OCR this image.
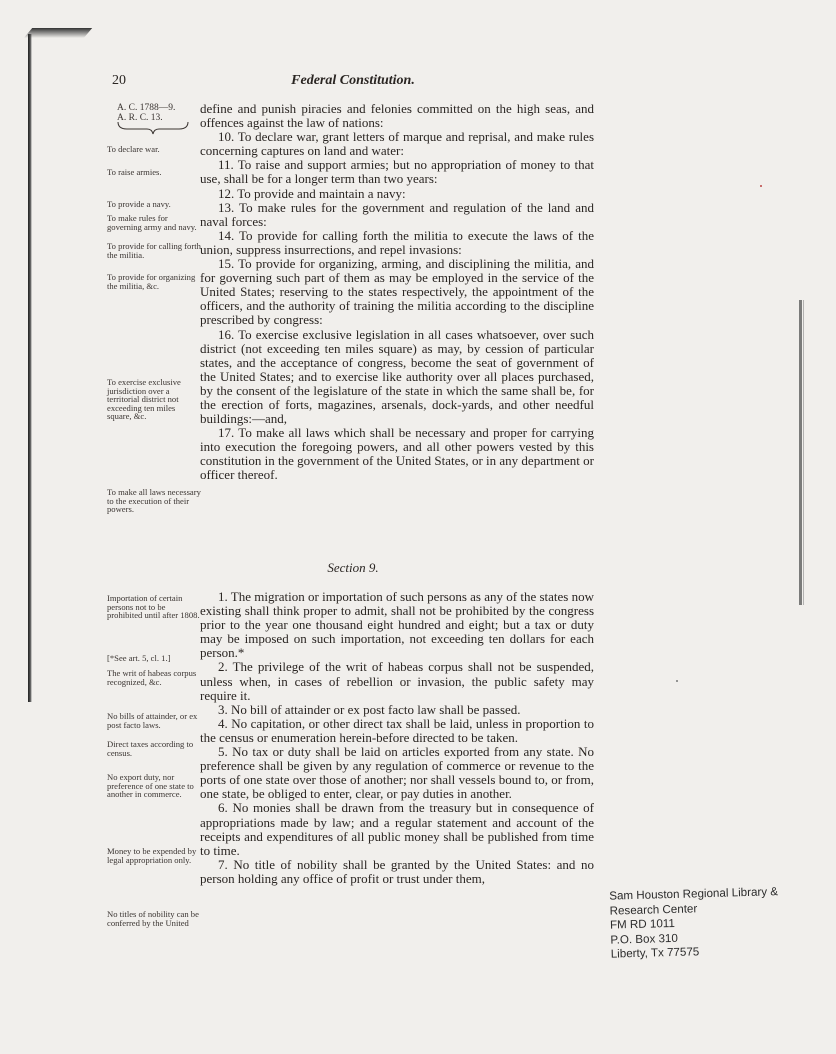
20	Federal Constitution.
A. C. 1788—9.
A. R. C. 13.
To declare war.
To raise armies.
To provide a navy.
To make rules for governing army and navy.
To provide for calling forth the militia.
To provide for organizing the militia, &c.
To exercise exclusive jurisdiction over a territorial district not exceeding ten miles square, &c.
To make all laws necessary to the execution of their powers.
Importation of certain persons not to be prohibited until after 1808.
[*See art. 5, cl. 1.]
The writ of habeas corpus recognized, &c.
No bills of attainder, or ex post facto laws.
Direct taxes according to census.
No export duty, nor preference of one state to another in commerce.
Money to be expended by legal appropriation only.
No titles of nobility can be conferred by the United

define and punish piracies and felonies committed on the high seas, and offences against the law of nations:

10. To declare war, grant letters of marque and reprisal, and make rules concerning captures on land and water:

11. To raise and support armies; but no appropriation of money to that use, shall be for a longer term than two years:

12. To provide and maintain a navy:

13. To make rules for the government and regulation of the land and naval forces:

14. To provide for calling forth the militia to execute the laws of the union, suppress insurrections, and repel invasions:

15. To provide for organizing, arming, and disciplining the militia, and for governing such part of them as may be employed in the service of the United States; reserving to the states respectively, the appointment of the officers, and the authority of training the militia according to the discipline prescribed by congress:

16. To exercise exclusive legislation in all cases whatsoever, over such district (not exceeding ten miles square) as may, by cession of particular states, and the acceptance of congress, become the seat of government of the United States; and to exercise like authority over all places purchased, by the consent of the legislature of the state in which the same shall be, for the erection of forts, magazines, arsenals, dock-yards, and other needful buildings:—and,

17. To make all laws which shall be necessary and proper for carrying into execution the foregoing powers, and all other powers vested by this constitution in the government of the United States, or in any department or officer thereof.

Section 9.

1. The migration or importation of such persons as any of the states now existing shall think proper to admit, shall not be prohibited by the congress prior to the year one thousand eight hundred and eight; but a tax or duty may be imposed on such importation, not exceeding ten dollars for each person.*

2. The privilege of the writ of habeas corpus shall not be suspended, unless when, in cases of rebellion or invasion, the public safety may require it.

3. No bill of attainder or ex post facto law shall be passed.

4. No capitation, or other direct tax shall be laid, unless in proportion to the census or enumeration herein-before directed to be taken.

5. No tax or duty shall be laid on articles exported from any state. No preference shall be given by any regulation of commerce or revenue to the ports of one state over those of another; nor shall vessels bound to, or from, one state, be obliged to enter, clear, or pay duties in another.

6. No monies shall be drawn from the treasury but in consequence of appropriations made by law; and a regular statement and account of the receipts and expenditures of all public money shall be published from time to time.

7. No title of nobility shall be granted by the United States: and no person holding any office of profit or trust under them,

Sam Houston Regional Library &
Research Center
FM RD 1011
P.O. Box 310
Liberty, Tx 77575
